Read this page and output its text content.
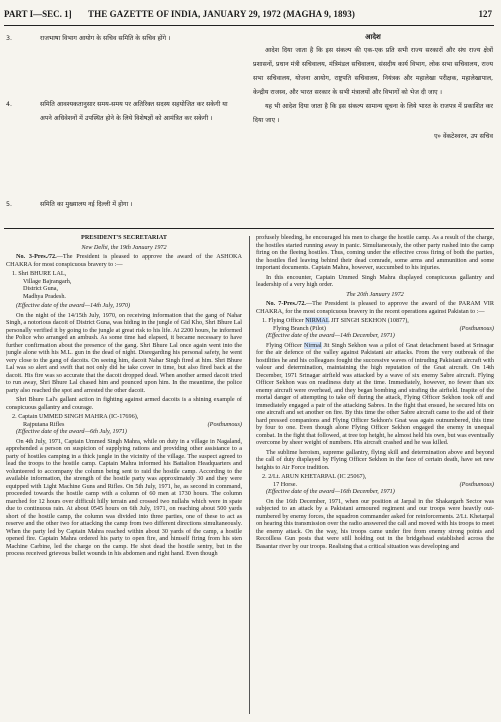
PART I—SEC. 1] THE GAZETTE OF INDIA, JANUARY 29, 1972 (MAGHA 9, 1893)	127
3.	राजभाषा विभाग आयोग के सचिव समिति के सचिव होंगे ।
4.	समिति आवश्यकतानुसार समय-समय पर अतिरिक्त सदस्य सहयोजित कर सकेगी या अपने अधिवेशनों में उपस्थित होने के लिये विशेषज्ञों को आमंत्रित कर सकेगी ।
5.	समिति का मुख्यालय नई दिल्ली में होगा ।
आदेश

आदेश दिया जाता है कि इस संकल्प की एक-एक प्रति सभी राज्य सरकारों और संघ राज्य क्षेत्रों प्रशासनों, प्रधान मंत्री सचिवालय, मंत्रिमंडल सचिवालय, संसदीय कार्य विभाग, लोक सभा सचिवालय, राज्य सभा सचिवालय, योजना आयोग, राष्ट्रपति सचिवालय, नियंत्रक और महालेखा परीक्षक, महालेखापाल, केन्द्रीय राजस्व, और भारत सरकार के सभी मंत्रालयों और विभागों को भेज दी जाए ।

यह भी आदेश दिया जाता है कि इस संकल्प सामान्य सूचना के लिये भारत के राजपत्र में प्रकाशित कर दिया जाए ।

ए० वेंकटेश्वरन, उप सचिव

PRESIDENT'S SECRETARIAT

New Delhi, the 19th January 1972

No. 3-Pres./72.—The President is pleased to approve the award of the ASHOKA CHAKRA for most conspicuous bravery to :—

1. Shri BHURE LAL,

Village Bajrangarh,

District Guna,

Madhya Pradesh.

(Effective date of the award—14th July, 1970)

On the night of the 14/15th July, 1970, on receiving information that the gang of Nahar Singh, a notorious dacoit of District Guna, was hiding in the jungle of Gid Kho, Shri Bhure Lal personally verified it by going to the jungle at great risk to his life. At 2200 hours, he informed the Police who arranged an ambush. As some time had elapsed, it became necessary to have further confirmation about the presence of the gang. Shri Bhure Lal once again went into the jungle alone with his M.L. gun in the dead of night. Disregarding his personal safety, he went very close to the gang of dacoits. On seeing him, dacoit Nahar Singh fired at him. Shri Bhure Lal was so alert and swift that not only did he take cover in time, but also fired back at the dacoit. His fire was so accurate that the dacoit dropped dead. When another armed dacoit tried to run away, Shri Bhure Lal chased him and pounced upon him. In the meantime, the police party also reached the spot and arrested the other dacoit.

Shri Bhure Lal's gallant action in fighting against armed dacoits is a shining example of conspicuous gallantry and courage.

2. Captain UMMED SINGH MAHRA (IC-17696),

Rajputana Rifles	(Posthumous)

(Effective date of the award—6th July, 1971)

On 4th July, 1971, Captain Ummed Singh Mahra, while on duty in a village in Nagaland, apprehended a person on suspicion of supplying rations and providing other assistance to a party of hostiles camping in a thick jungle in the vicinity of the village. The suspect agreed to lead the troops to the hostile camp. Captain Mahra informed his Battalion Headquarters and volunteered to accompany the column being sent to raid the hostile camp. According to the available information, the strength of the hostile party was approximately 30 and they were equipped with Light Machine Guns and Rifles. On 5th July, 1971, he, as second in command, proceeded towards the hostile camp with a column of 60 men at 1730 hours. The column marched for 12 hours over difficult hilly terrain and crossed two nullahs which were in spate due to continuous rain. At about 0545 hours on 6th July, 1971, on reaching about 500 yards short of the hostile camp, the column was divided into three parties, one of these to act as reserve and the other two for attacking the camp from two different directions simultaneously. When the party led by Captain Mahra reached within about 30 yards of the camp, a hostile opened fire. Captain Mahra ordered his party to open fire, and himself firing from his sten Machine Carbine, led the charge on the camp. He shot dead the hostile sentry, but in the process received grievous bullet wounds in his abdomen and right hand. Even though

profusely bleeding, he encouraged his men to charge the hostile camp. As a result of the charge, the hostiles started running away in panic. Simultaneously, the other party rushed into the camp firing on the fleeing hostiles. Thus, coming under the effective cross firing of both the parties, the hostiles fled leaving behind their dead comrade, some arms and ammunition and some important documents. Captain Mahra, however, succumbed to his injuries.

In this encounter, Captain Ummed Singh Mahra displayed conspicuous gallantry and leadership of a very high order.

The 20th January 1972

No. 7-Pres./72.—The President is pleased to approve the award of the PARAM VIR CHAKRA, for the most conspicuous bravery in the recent operations against Pakistan to :—

1. Flying Officer NIRMAL JIT SINGH SEKHON (10877),

Flying Branch (Pilot)	(Posthumous)

(Effective date of the award—14th December, 1971)

Flying Officer Nirmal Jit Singh Sekhon was a pilot of Gnat detachment based at Srinagar for the air defence of the valley against Pakistani air attacks. From the very outbreak of the hostilities he and his colleagues fought the successive waves of intruding Pakistani aircraft with valour and determination, maintaining the high reputation of the Gnat aircraft. On 14th December, 1971 Srinagar airfield was attacked by a wave of six enemy Sabre aircraft. Flying Officer Sekhon was on readiness duty at the time. Immediately, however, no fewer than six enemy aircraft were overhead, and they began bombing and strafing the airfield. Inspite of the mortal danger of attempting to take off during the attack, Flying Officer Sekhon took off and immediately engaged a pair of the attacking Sabres. In the fight that ensued, he secured hits on one aircraft and set another on fire. By this time the other Sabre aircraft came to the aid of their hard pressed companions and Flying Officer Sekhon's Gnat was again outnumbered, this time by four to one. Even though alone Flying Officer Sekhon engaged the enemy in unequal combat. In the fight that followed, at tree top height, he almost held his own, but was eventually overcome by sheer weight of numbers. His aircraft crashed and he was killed.

The sublime heroism, supreme gallantry, flying skill and determination above and beyond the call of duty displayed by Flying Officer Sekhon in the face of certain death, have set new heights to Air Force tradition.

2. 2/Lt. ARUN KHETARPAL (IC 25067),

17 Horse.	(Posthumous)

(Effective date of the award—16th December, 1971)

On the 16th December, 1971, when our position at Jarpal in the Shakargarh Sector was subjected to an attack by a Pakistani armoured regiment and our troops were heavily out-numbered by enemy forces, the squadron commander asked for reinforcements. 2/Lt. Khetarpal on hearing this transmission over the radio answered the call and moved with his troops to meet the enemy attack. On the way, his troops came under fire from enemy strong points and Recoilless Gun posts that were still holding out in the bridgehead established across the Basantar river by our troops. Realising that a critical situation was developing and
